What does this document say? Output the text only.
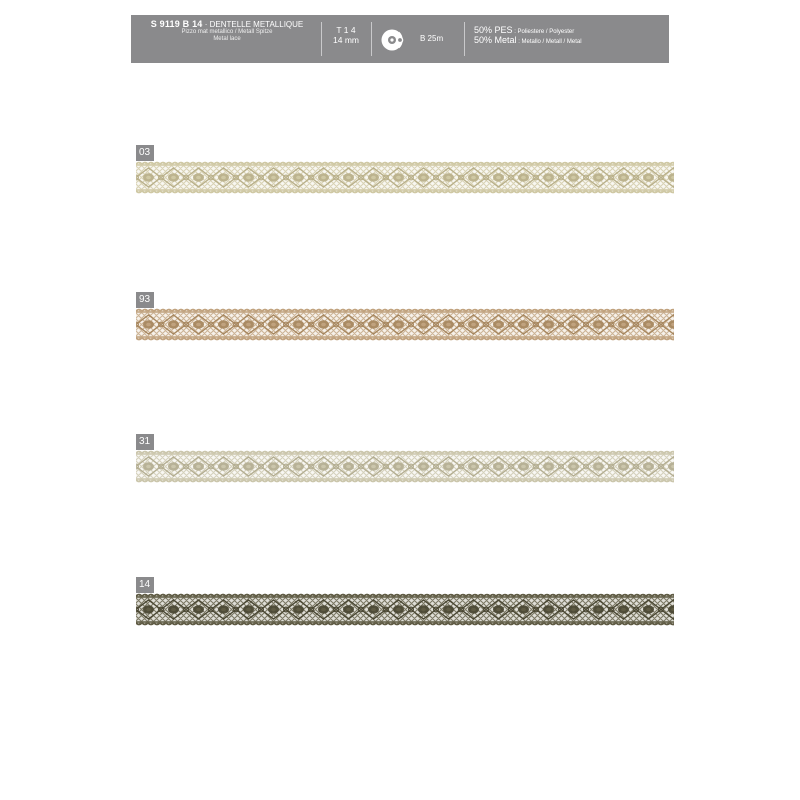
S 9119 B 14 · DENTELLE METALLIQUE
Pizzo mat metallico / Metall Spitze
Metal lace
T 1 4
14 mm	B 25m
50% PES : Poliestere / Polyester
50% Metal : Metallo / Metall / Metal
03
93
31
14
